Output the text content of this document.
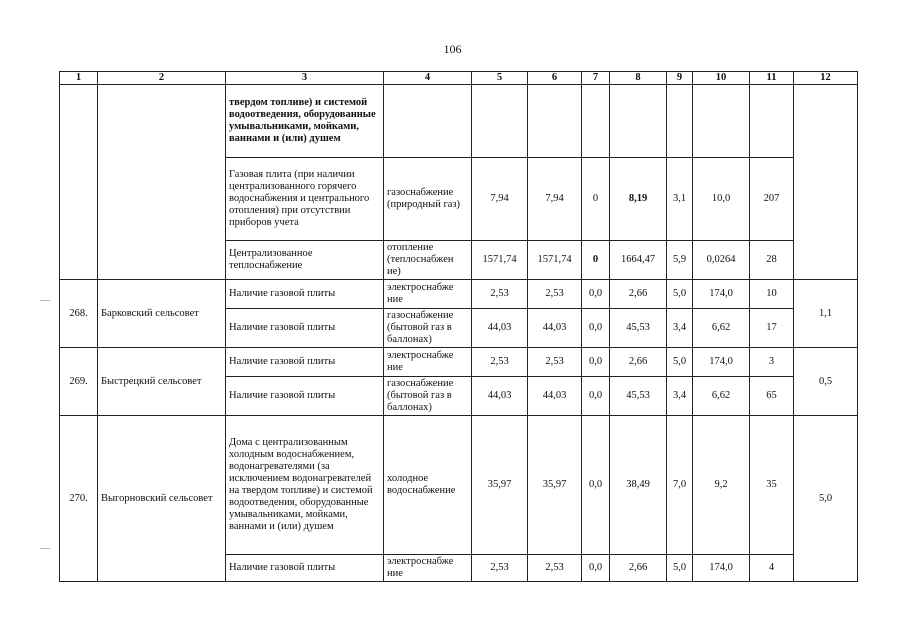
106
1	2	3	4	5	6	7	8	9	10	11	12
		твердом топливе) и системой водоотведения, оборудованные умывальниками, мойками, ваннами и (или) душем									
		Газовая плита (при наличии централизованного горячего водоснабжения и центрального отопления) при отсутствии приборов учета	газоснабжение (природный газ)	7,94	7,94	0	8,19	3,1	10,0	207	
		Централизованное теплоснабжение	отопление (теплоснабжен ие)	1571,74	1571,74	0	1664,47	5,9	0,0264	28	
268.	Барковский сельсовет	Наличие газовой плиты	электроснабже ние	2,53	2,53	0,0	2,66	5,0	174,0	10	1,1
		Наличие газовой плиты	газоснабжение (бытовой газ в баллонах)	44,03	44,03	0,0	45,53	3,4	6,62	17	
269.	Быстрецкий сельсовет	Наличие газовой плиты	электроснабже ние	2,53	2,53	0,0	2,66	5,0	174,0	3	0,5
		Наличие газовой плиты	газоснабжение (бытовой газ в баллонах)	44,03	44,03	0,0	45,53	3,4	6,62	65	
270.	Выгорновский сельсовет	Дома с централизованным холодным водоснабжением, водонагревателями (за исключением водонагревателей на твердом топливе) и системой водоотведения, оборудованные умывальниками, мойками, ваннами и (или) душем	холодное водоснабжение	35,97	35,97	0,0	38,49	7,0	9,2	35	5,0
		Наличие газовой плиты	электроснабже ние	2,53	2,53	0,0	2,66	5,0	174,0	4	
